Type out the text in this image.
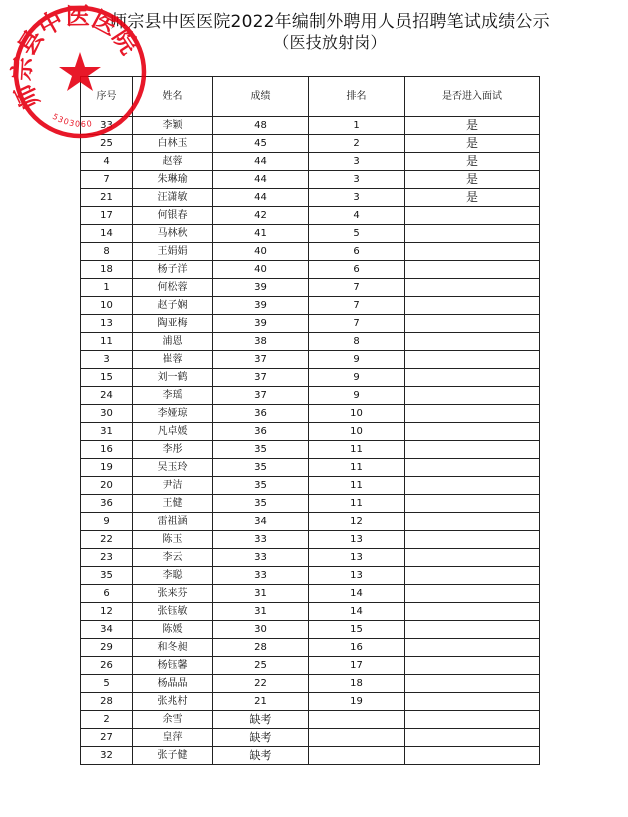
师宗县中医医院2022年编制外聘用人员招聘笔试成绩公示
（医技放射岗）
序号	姓名	成绩	排名	是否进入面试
33	李颖	48	1	是
25	白林玉	45	2	是
4	赵蓉	44	3	是
7	朱琳瑜	44	3	是
21	汪潇敏	44	3	是
17	何银春	42	4	
14	马林秋	41	5	
8	王娟娟	40	6	
18	杨子洋	40	6	
1	何松蓉	39	7	
10	赵子娴	39	7	
13	陶亚梅	39	7	
11	浦恩	38	8	
3	崔蓉	37	9	
15	刘一鹤	37	9	
24	李瑶	37	9	
30	李娅琼	36	10	
31	凡卓媛	36	10	
16	李彤	35	11	
19	吴玉玲	35	11	
20	尹洁	35	11	
36	王健	35	11	
9	雷祖涵	34	12	
22	陈玉	33	13	
23	李云	33	13	
35	李聪	33	13	
6	张来芬	31	14	
12	张钰敏	31	14	
34	陈媛	30	15	
29	和冬昶	28	16	
26	杨钰馨	25	17	
5	杨晶晶	22	18	
28	张兆村	21	19	
2	余雪	缺考		
27	皇萍	缺考		
32	张子健	缺考		
师宗县中医医院
5303060
